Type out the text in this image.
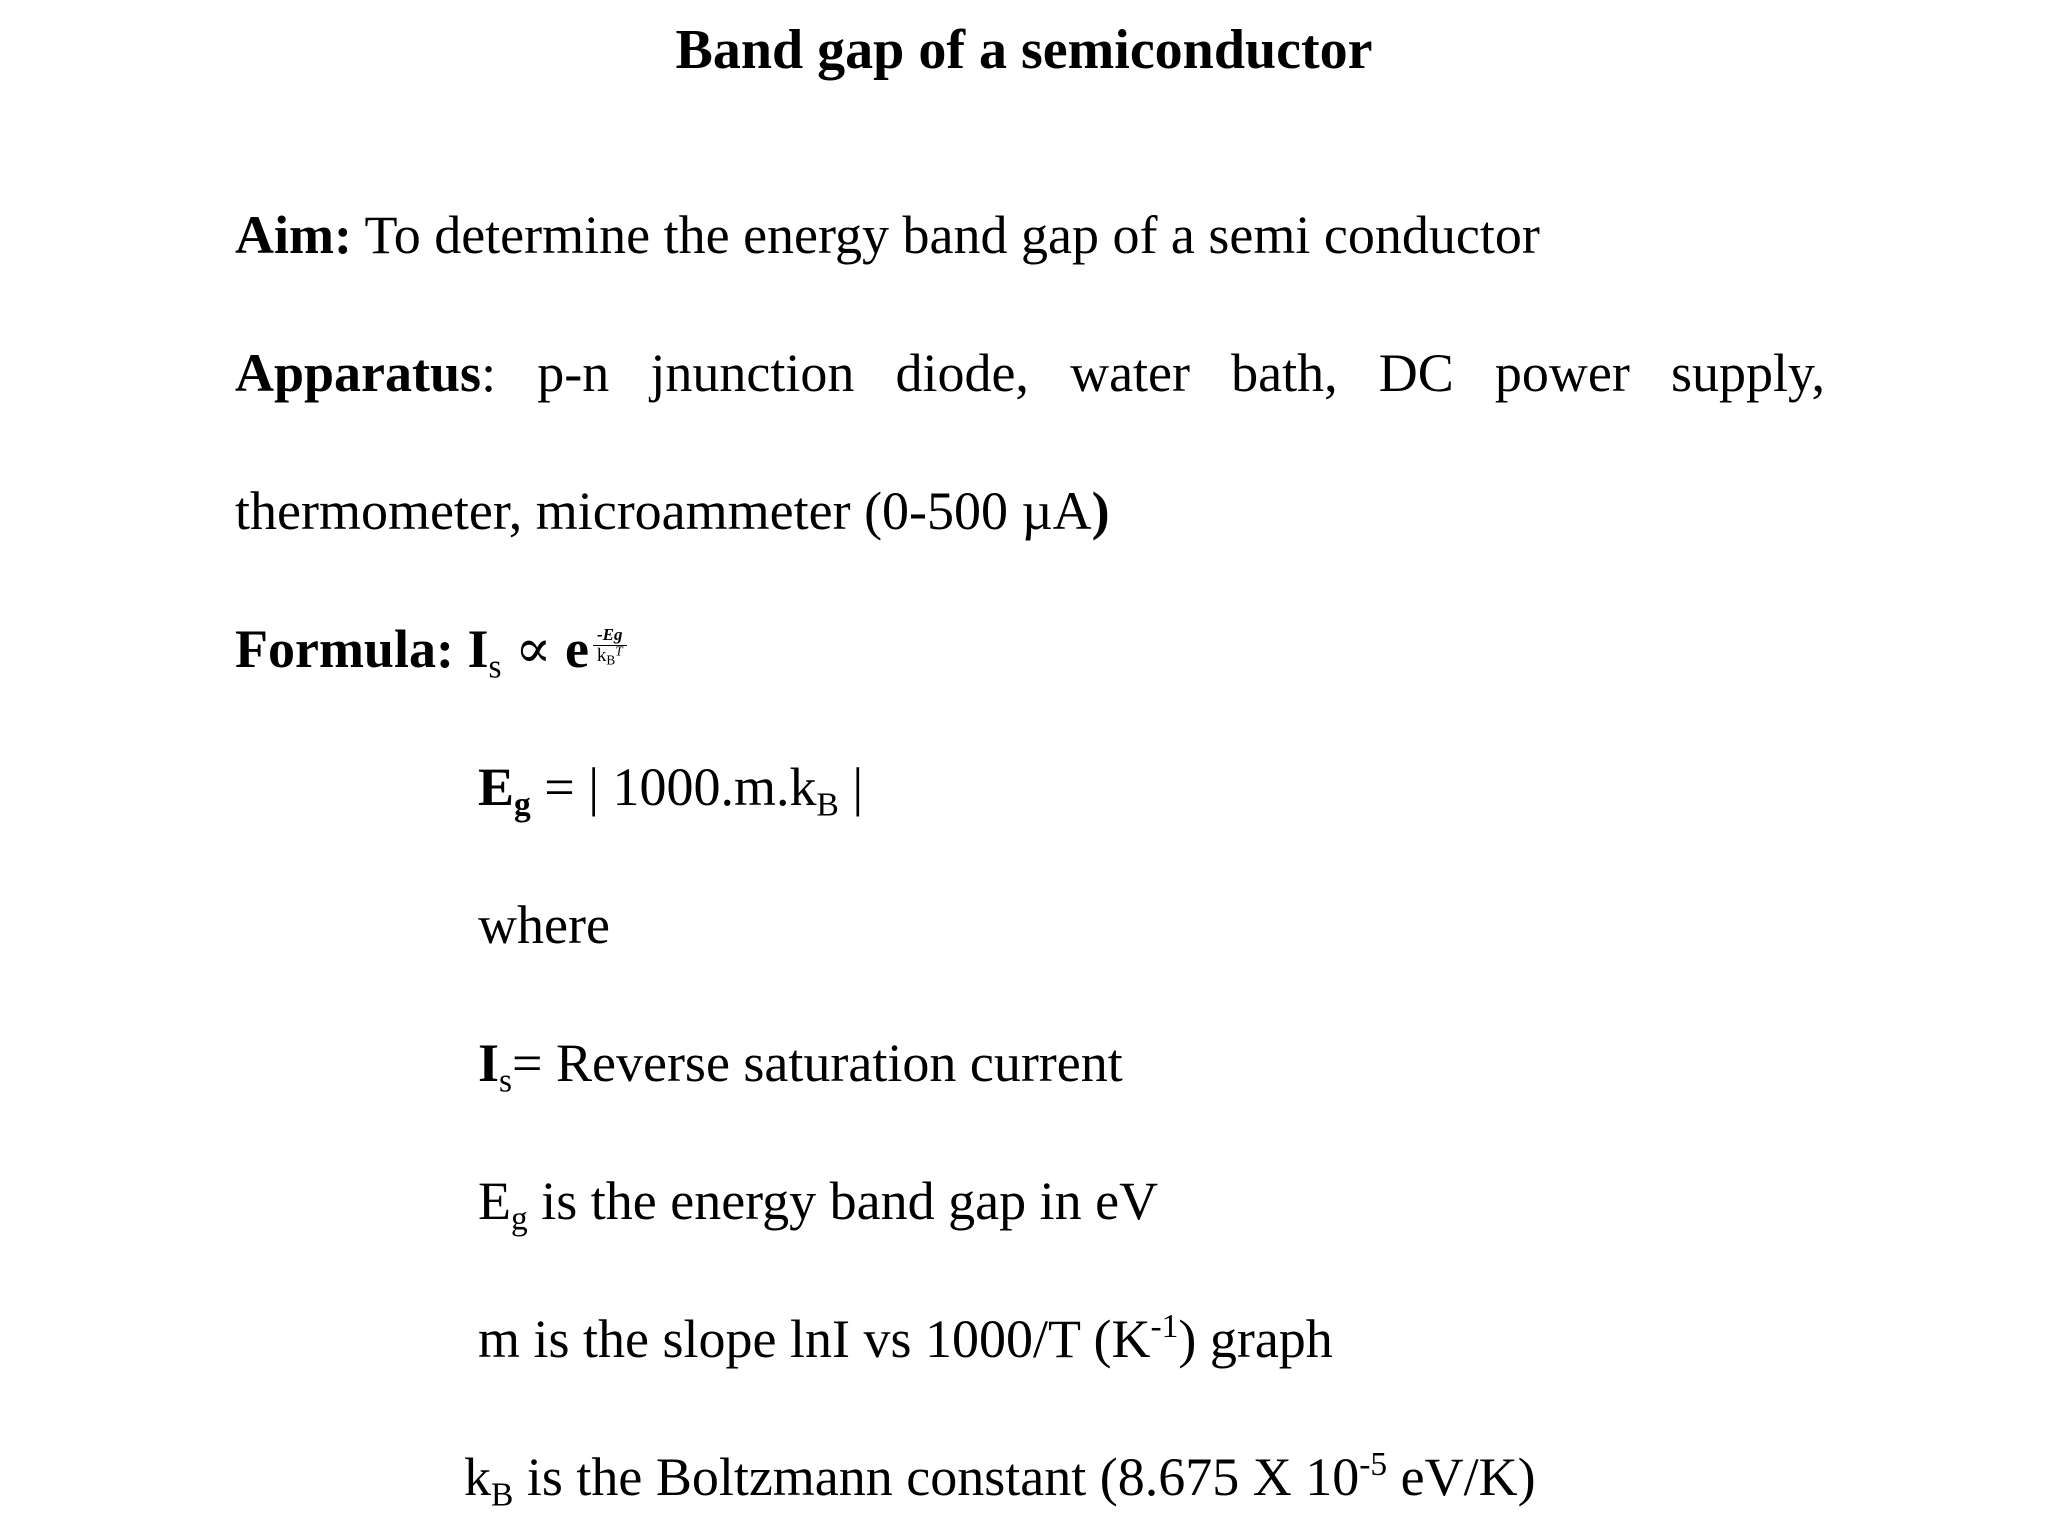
Band gap of a semiconductor
Aim: To determine the energy band gap of a semi conductor
Apparatus: p-n jnunction diode, water bath, DC power supply,
thermometer, microammeter (0-500 µA)
Formula: $I_s \propto e \frac{-Eg}{k_B^T}$
$E_g$ = | $1000.m.k_B$ |
where
$I_s=$ Reverse saturation current
$E_g$ is the energy band gap in eV
m is the slope lnI vs 1000/T $(K^{-1})$ graph
$k_B$ is the Boltzmann constant (8.675 X $10^{-5}$ eV/K)
